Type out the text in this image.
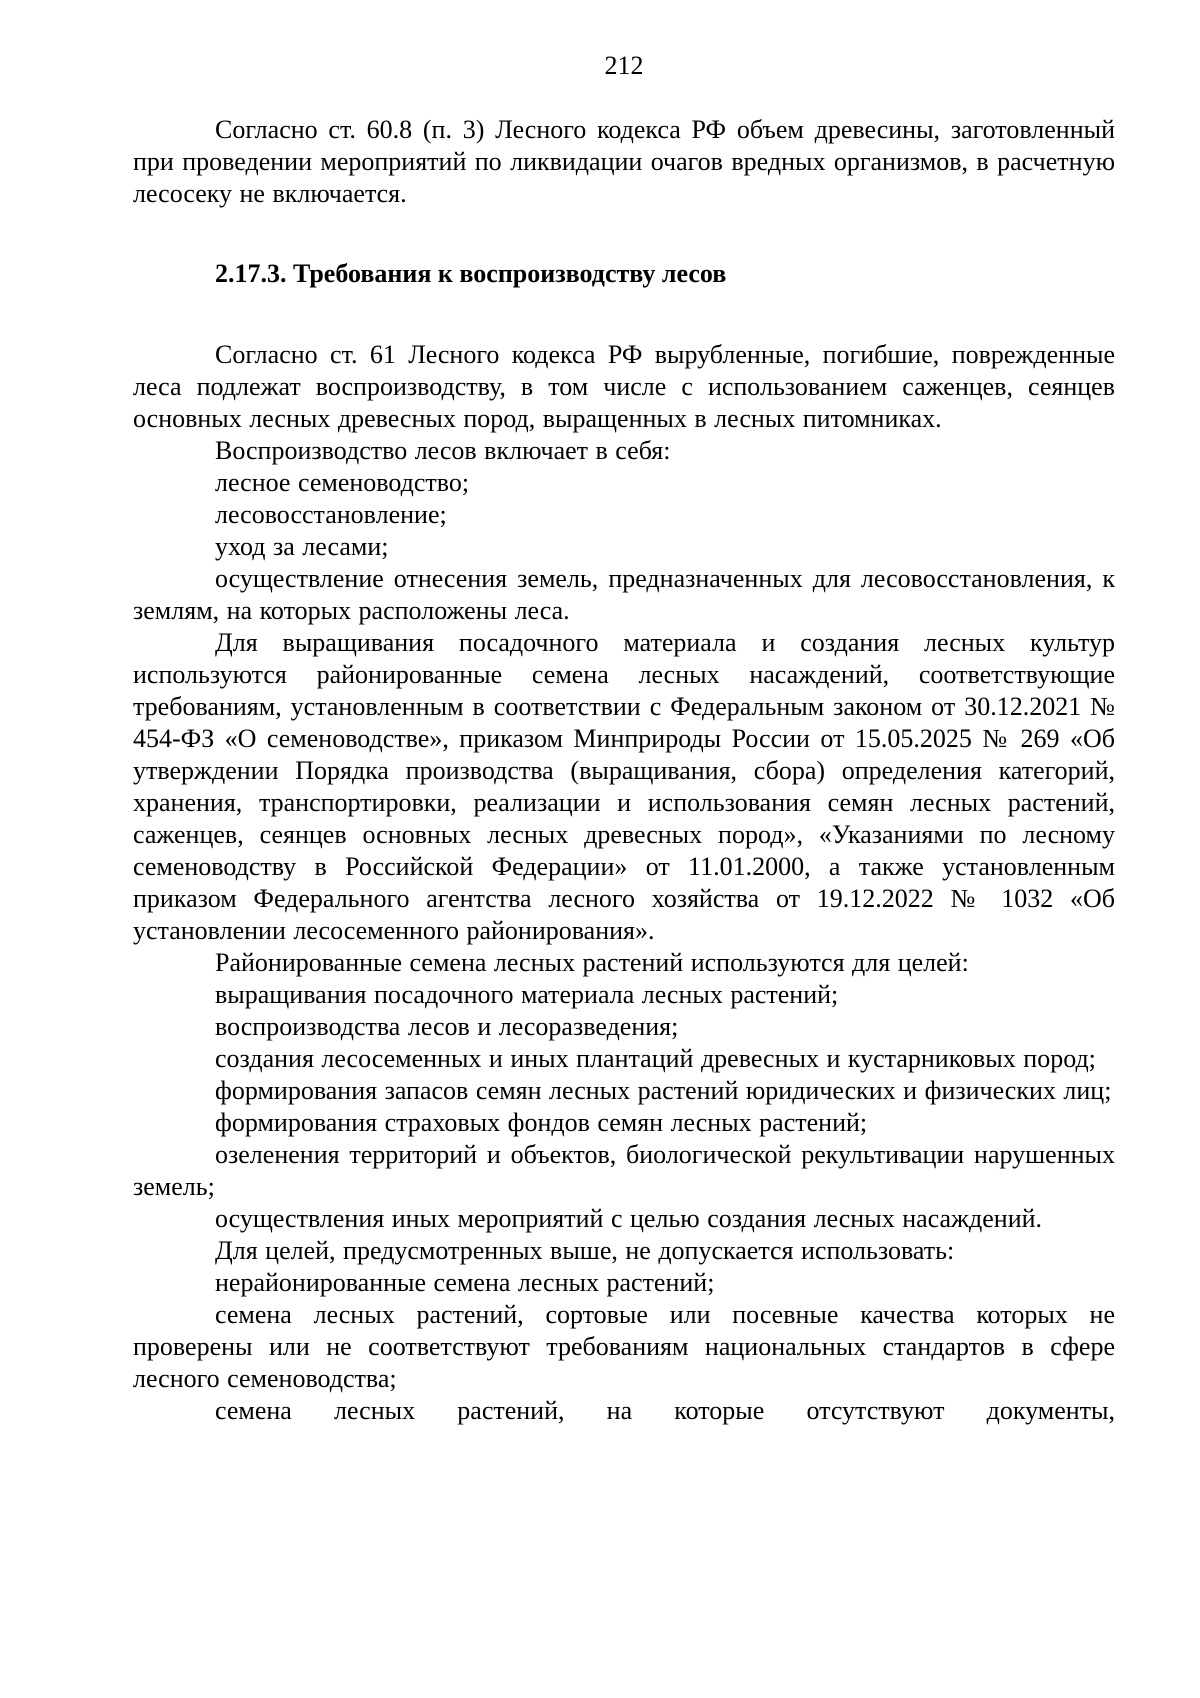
212

Согласно ст. 60.8 (п. 3) Лесного кодекса РФ объем древесины, заготовленный при проведении мероприятий по ликвидации очагов вредных организмов, в расчетную лесосеку не включается.

2.17.3. Требования к воспроизводству лесов

Согласно ст. 61 Лесного кодекса РФ вырубленные, погибшие, поврежденные леса подлежат воспроизводству, в том числе с использованием саженцев, сеянцев основных лесных древесных пород, выращенных в лесных питомниках.

Воспроизводство лесов включает в себя:

лесное семеноводство;

лесовосстановление;

уход за лесами;

осуществление отнесения земель, предназначенных для лесовосстановления, к землям, на которых расположены леса.

Для выращивания посадочного материала и создания лесных культур используются районированные семена лесных насаждений, соответствующие требованиям, установленным в соответствии с Федеральным законом от 30.12.2021 № 454-ФЗ «О семеноводстве», приказом Минприроды России от 15.05.2025 № 269 «Об утверждении Порядка производства (выращивания, сбора) определения категорий, хранения, транспортировки, реализации и использования семян лесных растений, саженцев, сеянцев основных лесных древесных пород», «Указаниями по лесному семеноводству в Российской Федерации» от 11.01.2000, а также установленным приказом Федерального агентства лесного хозяйства от 19.12.2022 № 1032 «Об установлении лесосеменного районирования».

Районированные семена лесных растений используются для целей:

выращивания посадочного материала лесных растений;

воспроизводства лесов и лесоразведения;

создания лесосеменных и иных плантаций древесных и кустарниковых пород;

формирования запасов семян лесных растений юридических и физических лиц;

формирования страховых фондов семян лесных растений;

озеленения территорий и объектов, биологической рекультивации нарушенных земель;

осуществления иных мероприятий с целью создания лесных насаждений.

Для целей, предусмотренных выше, не допускается использовать:

нерайонированные семена лесных растений;

семена лесных растений, сортовые или посевные качества которых не проверены или не соответствуют требованиям национальных стандартов в сфере лесного семеноводства;

семена лесных растений, на которые отсутствуют документы,
